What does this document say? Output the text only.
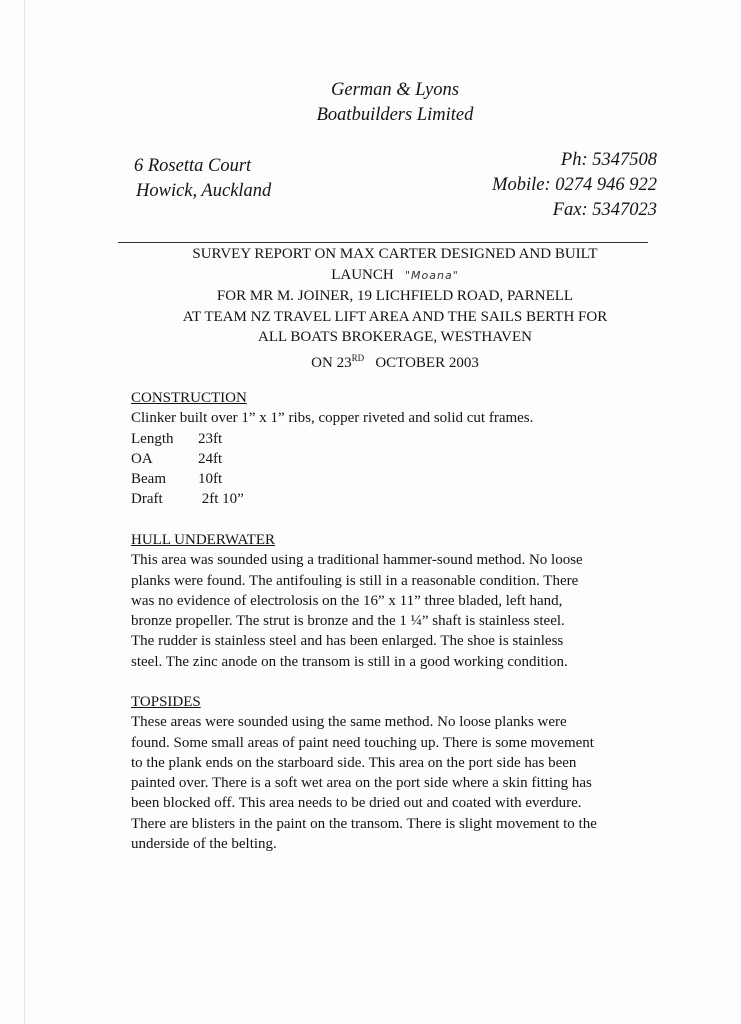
German & Lyons
Boatbuilders Limited
6 Rosetta Court
Howick, Auckland
Ph: 5347508
Mobile: 0274 946 922
Fax: 5347023
SURVEY REPORT ON MAX CARTER DESIGNED AND BUILT
LAUNCH "Moana"
FOR MR M. JOINER, 19 LICHFIELD ROAD, PARNELL
AT TEAM NZ TRAVEL LIFT AREA AND THE SAILS BERTH FOR
ALL BOATS BROKERAGE, WESTHAVEN
ON 23RD OCTOBER 2003
CONSTRUCTION
Clinker built over 1” x 1” ribs, copper riveted and solid cut frames.
Length	23ft
OA	24ft
Beam	10ft
Draft	2ft 10”
HULL UNDERWATER
This area was sounded using a traditional hammer-sound method. No loose
planks were found. The antifouling is still in a reasonable condition. There
was no evidence of electrolosis on the 16” x 11” three bladed, left hand,
bronze propeller. The strut is bronze and the 1 ¼” shaft is stainless steel.
The rudder is stainless steel and has been enlarged. The shoe is stainless
steel. The zinc anode on the transom is still in a good working condition.
TOPSIDES
These areas were sounded using the same method. No loose planks were
found. Some small areas of paint need touching up. There is some movement
to the plank ends on the starboard side. This area on the port side has been
painted over. There is a soft wet area on the port side where a skin fitting has
been blocked off. This area needs to be dried out and coated with everdure.
There are blisters in the paint on the transom. There is slight movement to the
underside of the belting.
